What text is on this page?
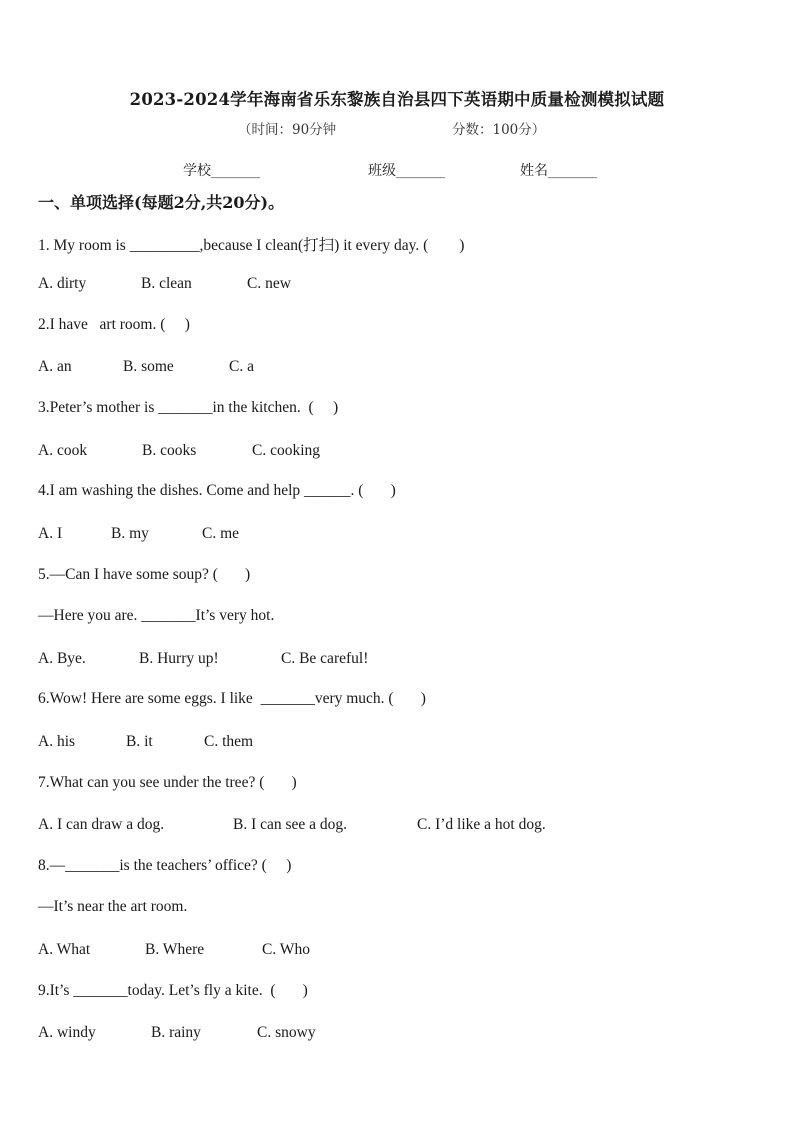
2023-2024学年海南省乐东黎族自治县四下英语期中质量检测模拟试题
（时间：90分钟	分数：100分）
学校_______	班级_______	姓名_______
一、单项选择(每题2分,共20分)。
1. My room is _________,because I clean(打扫) it every day. (        )

A. dirty

	B. clean

	C. new

2.I have   art room. (     )

A. an

	B. some

	C. a

3.Peter’s mother is _______in the kitchen.  (     )

A. cook

	B. cooks

	C. cooking

4.I am washing the dishes. Come and help ______. (       )

A. I

	B. my

	C. me

5.—Can I have some soup? (       )
—Here you are. _______It’s very hot.

A. Bye.

	B. Hurry up!

	C. Be careful!

6.Wow! Here are some eggs. I like  _______very much. (       )

A. his

	B. it

	C. them

7.What can you see under the tree? (       )

A. I can draw a dog.

	B. I can see a dog.

	C. I’d like a hot dog.

8.—_______is the teachers’ office? (     )
—It’s near the art room.

A. What

	B. Where

	C. Who

9.It’s _______today. Let’s fly a kite.  (       )

A. windy

	B. rainy

	C. snowy
